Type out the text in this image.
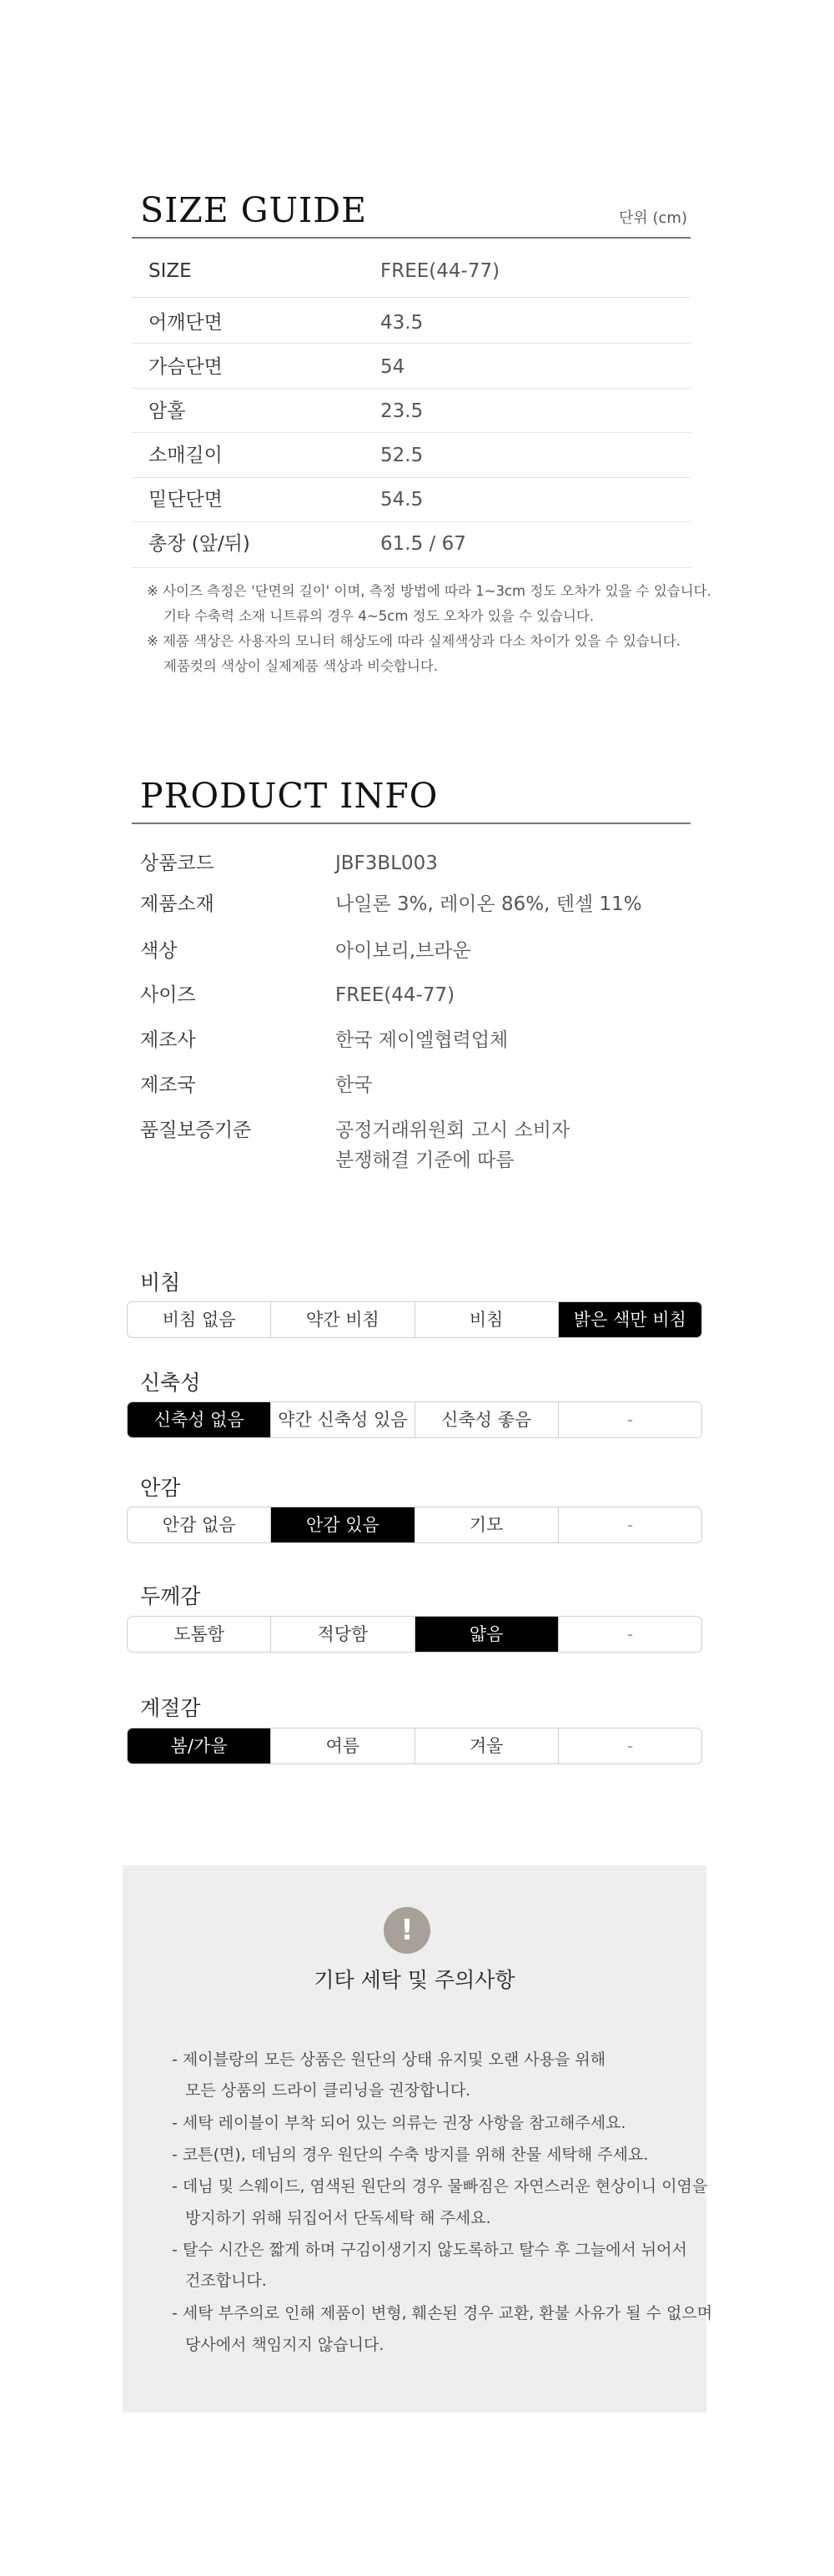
SIZE GUIDE	단위 (cm)
SIZE	FREE(44-77)
어깨단면	43.5
가슴단면	54
암홀	23.5
소매길이	52.5
밑단단면	54.5
총장 (앞/뒤)	61.5 / 67
※ 사이즈 측정은 '단면의 길이' 이며, 측정 방법에 따라 1~3cm 정도 오차가 있을 수 있습니다.
기타 수축력 소재 니트류의 경우 4~5cm 정도 오차가 있을 수 있습니다.
※ 제품 색상은 사용자의 모니터 해상도에 따라 실제색상과 다소 차이가 있을 수 있습니다.
제품컷의 색상이 실제제품 색상과 비슷합니다.
PRODUCT INFO
상품코드	JBF3BL003
제품소재	나일론 3%, 레이온 86%, 텐셀 11%
색상	아이보리,브라운
사이즈	FREE(44-77)
제조사	한국 제이엘협력업체
제조국	한국
품질보증기준	공정거래위원회 고시 소비자
분쟁해결 기준에 따름
비침
비침 없음	약간 비침	비침	밝은 색만 비침
신축성
신축성 없음	약간 신축성 있음	신축성 좋음	-
안감
안감 없음	안감 있음	기모	-
두께감
도톰함	적당함	얇음	-
계절감
봄/가을	여름	겨울	-
!
기타 세탁 및 주의사항
- 제이블랑의 모든 상품은 원단의 상태 유지및 오랜 사용을 위해
모든 상품의 드라이 클리닝을 권장합니다.
- 세탁 레이블이 부착 되어 있는 의류는 권장 사항을 참고해주세요.
- 코튼(면), 데님의 경우 원단의 수축 방지를 위해 찬물 세탁해 주세요.
- 데님 및 스웨이드, 염색된 원단의 경우 물빠짐은 자연스러운 현상이니 이염을
방지하기 위해 뒤집어서 단독세탁 해 주세요.
- 탈수 시간은 짧게 하며 구김이생기지 않도록하고 탈수 후 그늘에서 뉘어서
건조합니다.
- 세탁 부주의로 인해 제품이 변형, 훼손된 경우 교환, 환불 사유가 될 수 없으며
당사에서 책임지지 않습니다.
